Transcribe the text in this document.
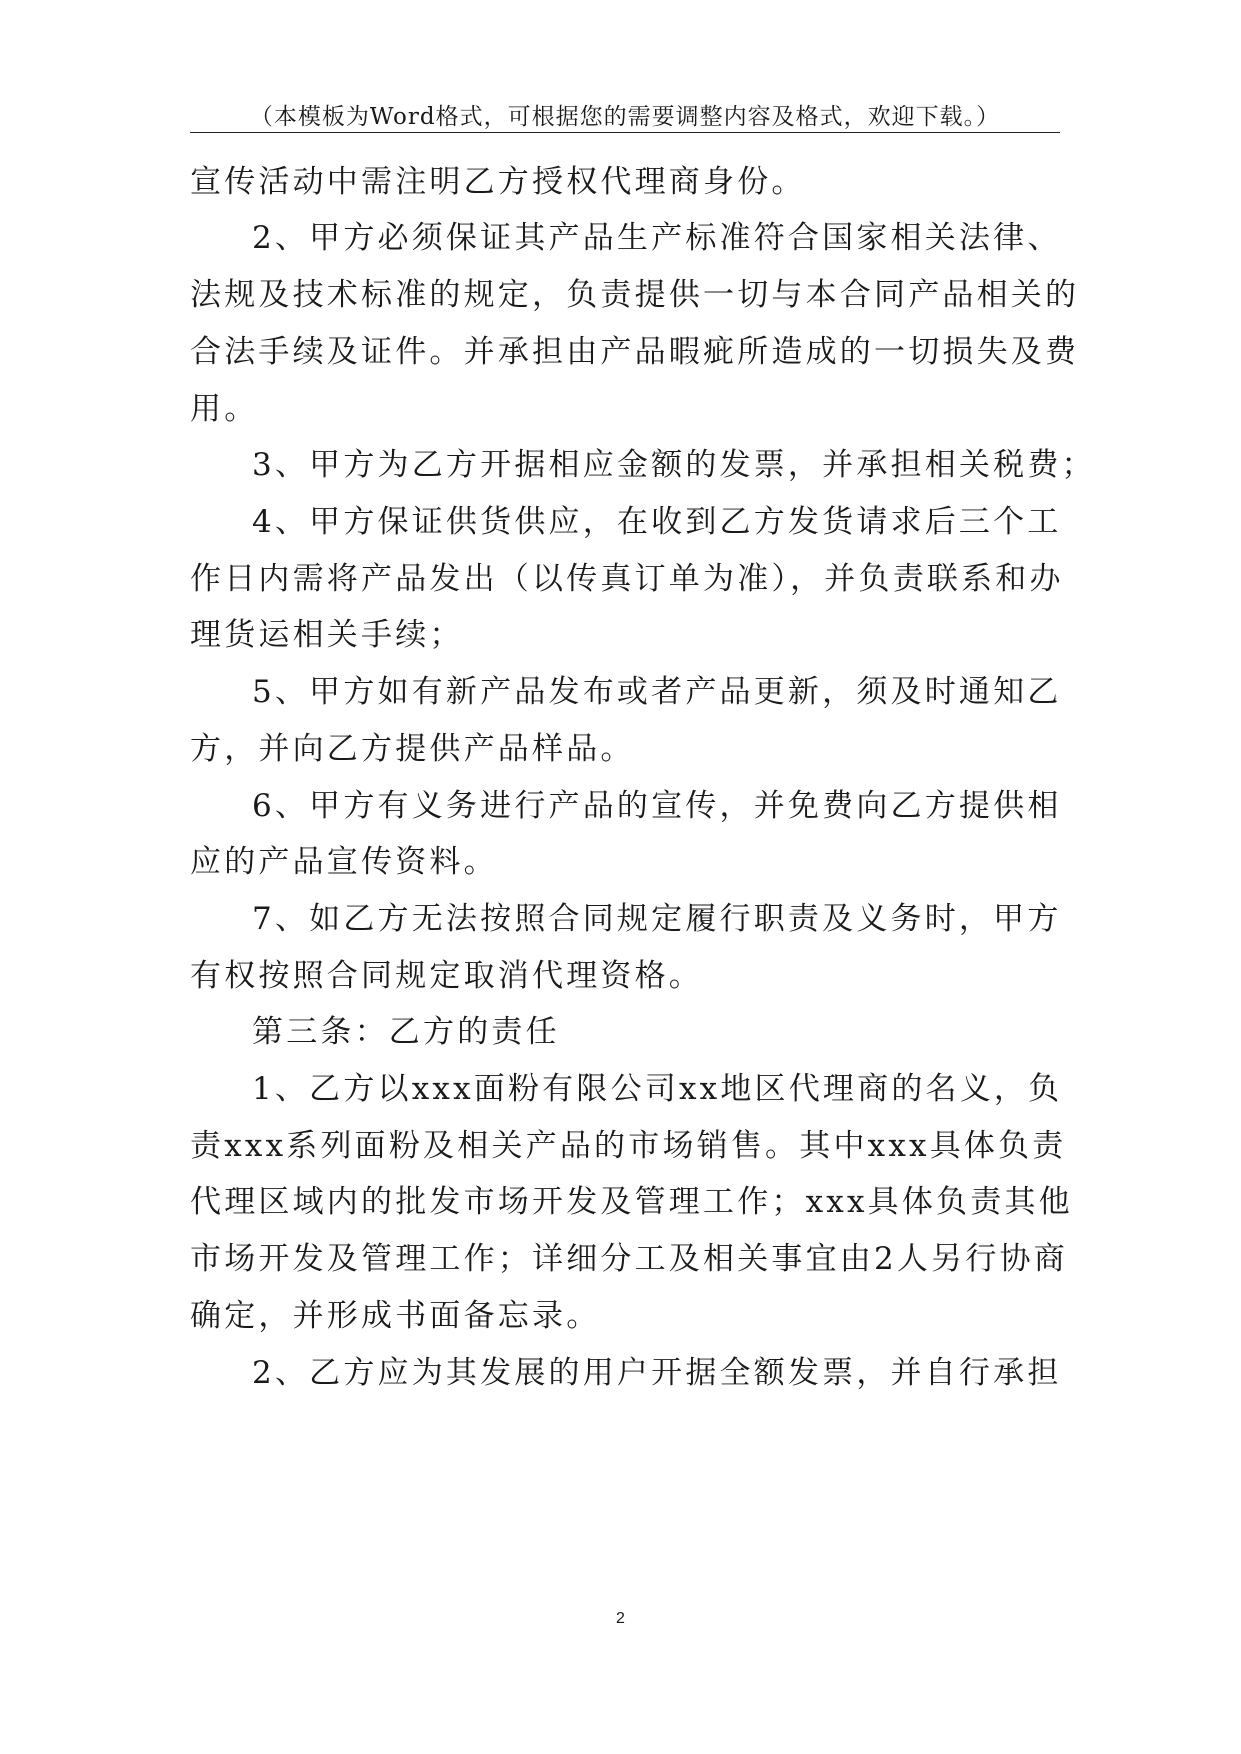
（本模板为Word格式，可根据您的需要调整内容及格式，欢迎下载。）
宣传活动中需注明乙方授权代理商身份。
2、甲方必须保证其产品生产标准符合国家相关法律、
法规及技术标准的规定，负责提供一切与本合同产品相关的
合法手续及证件。并承担由产品暇疵所造成的一切损失及费
用。
3、甲方为乙方开据相应金额的发票，并承担相关税费；
4、甲方保证供货供应，在收到乙方发货请求后三个工
作日内需将产品发出（以传真订单为准），并负责联系和办
理货运相关手续；
5、甲方如有新产品发布或者产品更新，须及时通知乙
方，并向乙方提供产品样品。
6、甲方有义务进行产品的宣传，并免费向乙方提供相
应的产品宣传资料。
7、如乙方无法按照合同规定履行职责及义务时，甲方
有权按照合同规定取消代理资格。
第三条：乙方的责任
1、乙方以xxx面粉有限公司xx地区代理商的名义，负
责xxx系列面粉及相关产品的市场销售。其中xxx具体负责
代理区域内的批发市场开发及管理工作；xxx具体负责其他
市场开发及管理工作；详细分工及相关事宜由2人另行协商
确定，并形成书面备忘录。
2、乙方应为其发展的用户开据全额发票，并自行承担
2
